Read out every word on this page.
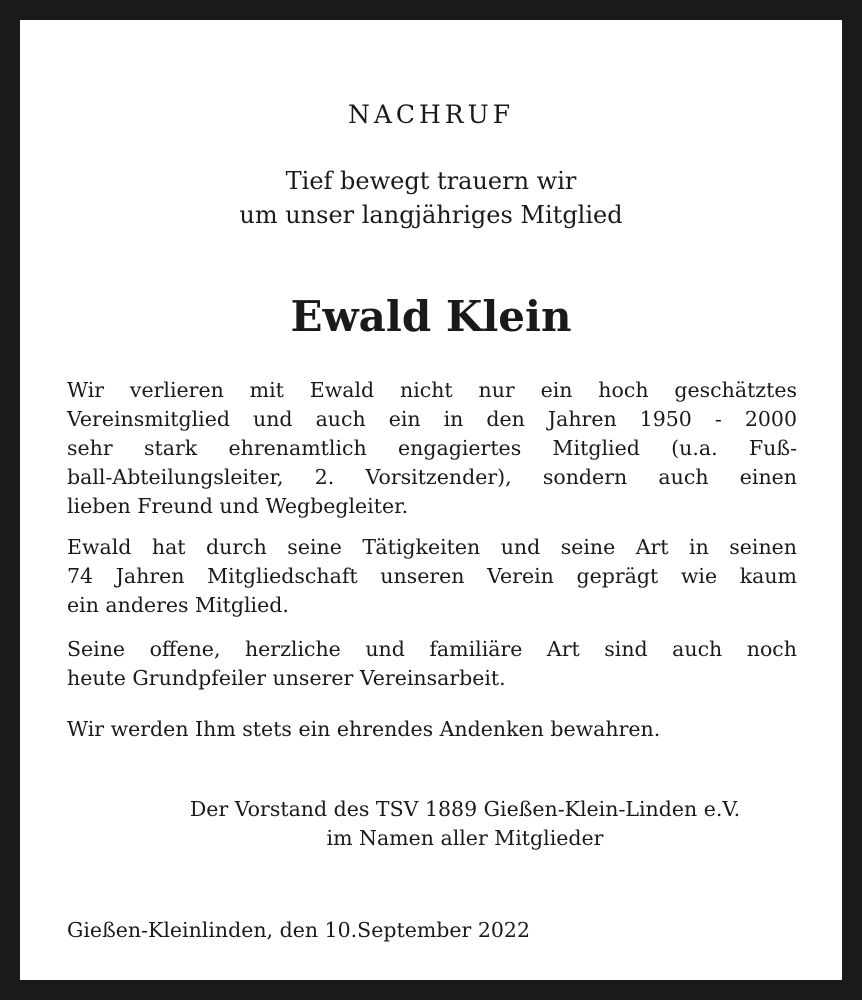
NACHRUF
Tief bewegt trauern wir
um unser langjähriges Mitglied
Ewald Klein

Wir verlieren mit Ewald nicht nur ein hoch geschätztes
Vereinsmitglied und auch ein in den Jahren 1950 - 2000
sehr stark ehrenamtlich engagiertes Mitglied (u.a. Fuß-
ball-Abteilungsleiter, 2. Vorsitzender), sondern auch einen
lieben Freund und Wegbegleiter.

Ewald hat durch seine Tätigkeiten und seine Art in seinen
74 Jahren Mitgliedschaft unseren Verein geprägt wie kaum
ein anderes Mitglied.

Seine offene, herzliche und familiäre Art sind auch noch
heute Grundpfeiler unserer Vereinsarbeit.

Wir werden Ihm stets ein ehrendes Andenken bewahren.

Der Vorstand des TSV 1889 Gießen-Klein-Linden e.V.
im Namen aller Mitglieder
Gießen-Kleinlinden, den 10.September 2022
